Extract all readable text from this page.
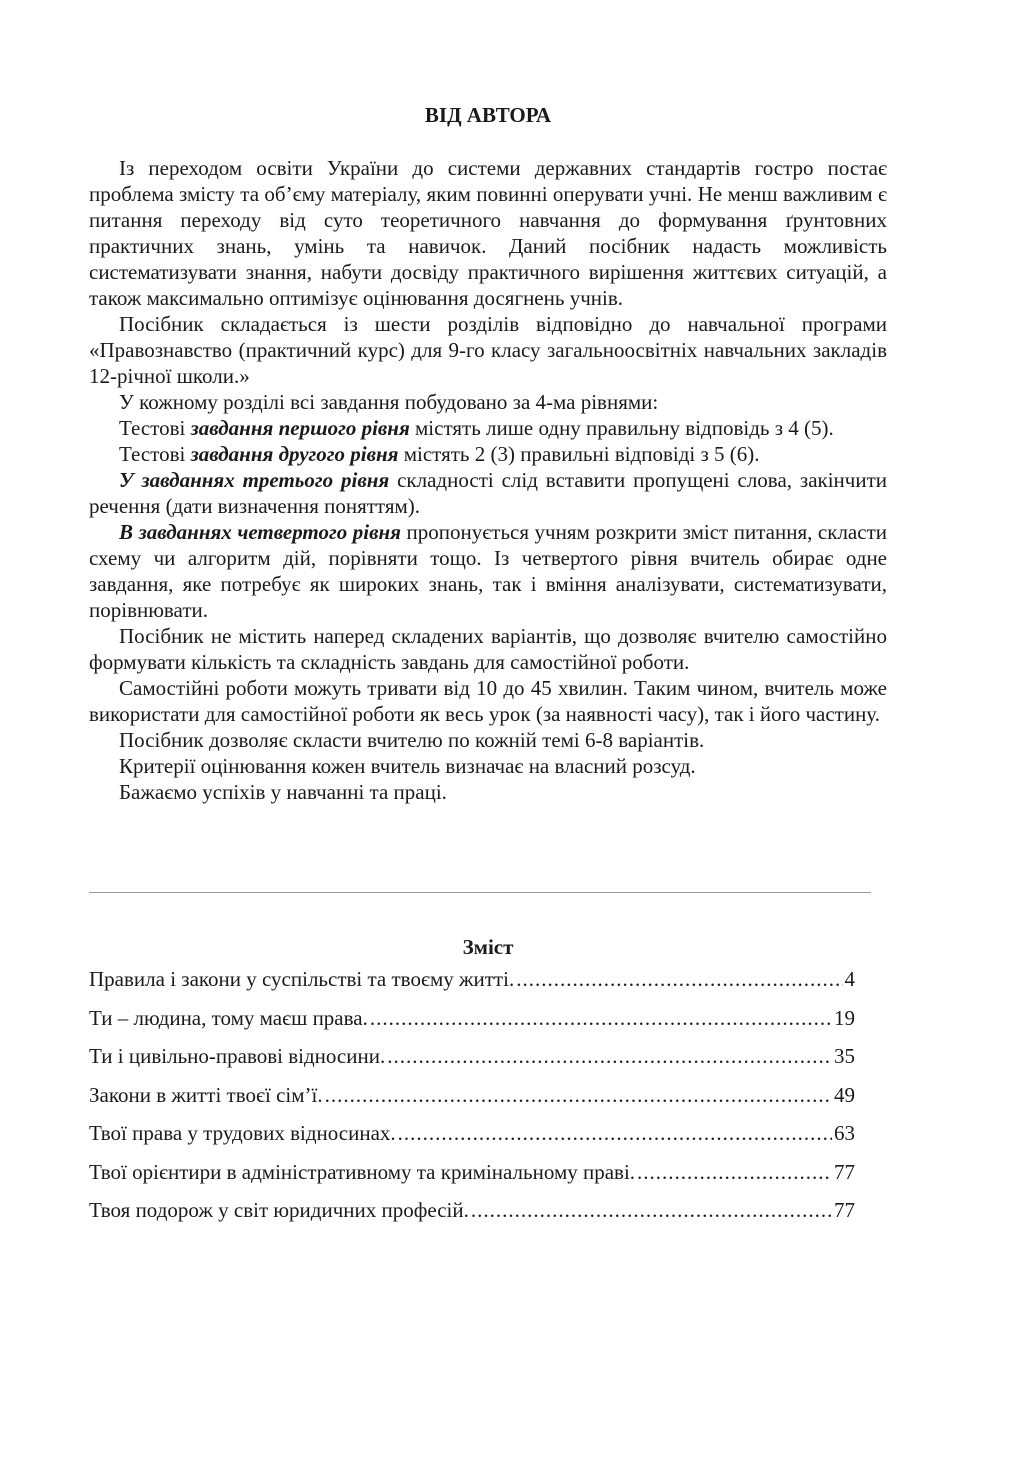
ВІД АВТОРА

Із переходом освіти України до системи державних стандартів гостро постає проблема змісту та об’єму матеріалу, яким повинні оперувати учні. Не менш важливим є питання переходу від суто теоретичного навчання до формування ґрунтовних практичних знань, умінь та навичок. Даний посібник надасть можливість систематизувати знання, набути досвіду практичного вирішення життєвих ситуацій, а також максимально оптимізує оцінювання досягнень учнів.

Посібник складається із шести розділів відповідно до навчальної програми «Правознавство (практичний курс) для 9-го класу загальноосвітніх навчальних закладів 12-річної школи.»

У кожному розділі всі завдання побудовано за 4-ма рівнями:

Тестові завдання першого рівня містять лише одну правильну відповідь з 4 (5).

Тестові завдання другого рівня містять 2 (3) правильні відповіді з 5 (6).

У завданнях третього рівня складності слід вставити пропущені слова, закінчити речення (дати визначення поняттям).

В завданнях четвертого рівня пропонується учням розкрити зміст питання, скласти схему чи алгоритм дій, порівняти тощо. Із четвертого рівня вчитель обирає одне завдання, яке потребує як широких знань, так і вміння аналізувати, систематизувати, порівнювати.

Посібник не містить наперед складених варіантів, що дозволяє вчителю самостійно формувати кількість та складність завдань для самостійної роботи.

Самостійні роботи можуть тривати від 10 до 45 хвилин. Таким чином, вчитель може використати для самостійної роботи як весь урок (за наявності часу), так і його частину.

Посібник дозволяє скласти вчителю по кожній темі 6-8 варіантів.

Критерії оцінювання кожен вчитель визначає на власний розсуд.

Бажаємо успіхів у навчанні та праці.

Зміст
Правила і закони у суспільстві та твоєму житті. .....	4
Ти – людина, тому маєш права. .....	19
Ти і цивільно-правові відносини. .....	35
Закони в житті твоєї сім’ї. .....	49
Твої права у трудових відносинах. .....	63
Твої орієнтири в адміністративному та кримінальному праві. .....	77
Твоя подорож у світ юридичних професій. .....	77
